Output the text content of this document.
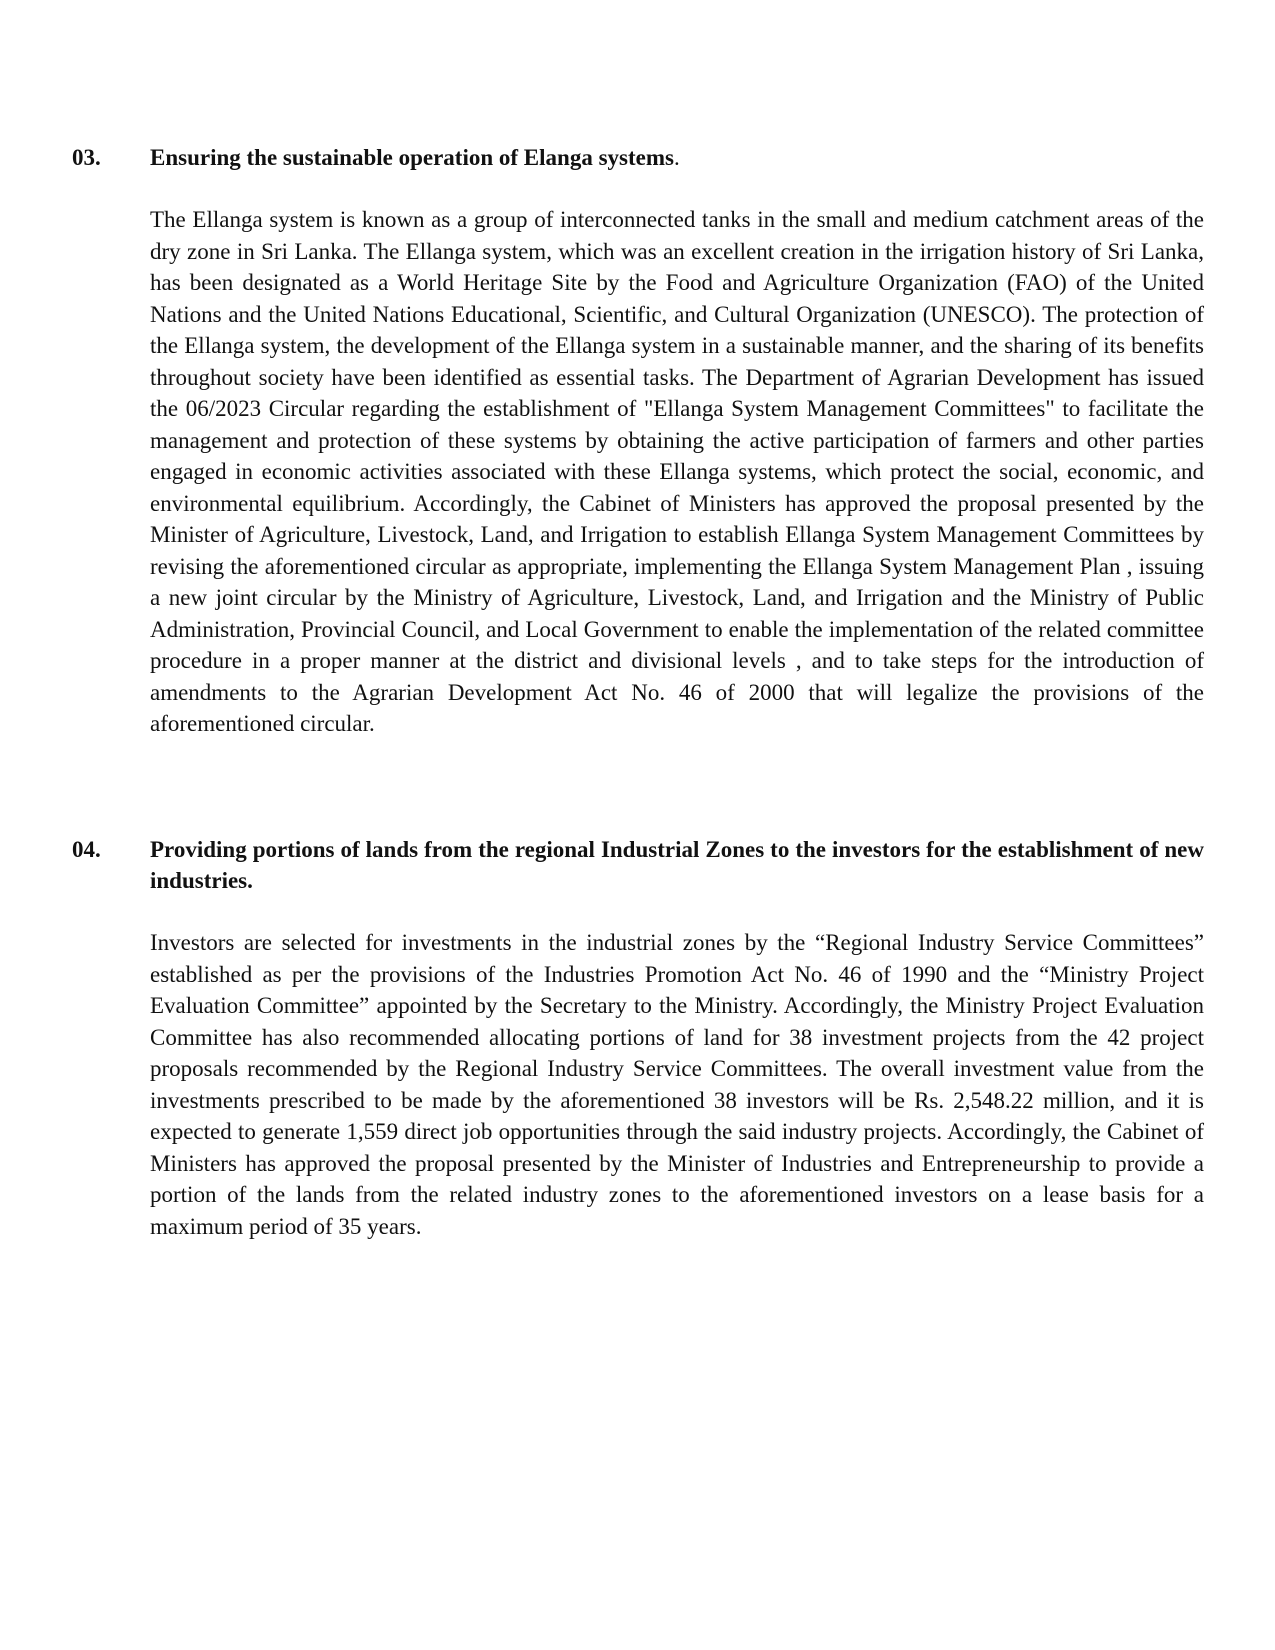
03.	Ensuring the sustainable operation of Elanga systems.
The Ellanga system is known as a group of interconnected tanks in the small and medium catchment areas of the dry zone in Sri Lanka. The Ellanga system, which was an excellent creation in the irrigation history of Sri Lanka, has been designated as a World Heritage Site by the Food and Agriculture Organization (FAO) of the United Nations and the United Nations Educational, Scientific, and Cultural Organization (UNESCO). The protection of the Ellanga system, the development of the Ellanga system in a sustainable manner, and the sharing of its benefits throughout society have been identified as essential tasks. The Department of Agrarian Development has issued the 06/2023 Circular regarding the establishment of "Ellanga System Management Committees" to facilitate the management and protection of these systems by obtaining the active participation of farmers and other parties engaged in economic activities associated with these Ellanga systems, which protect the social, economic, and environmental equilibrium. Accordingly, the Cabinet of Ministers has approved the proposal presented by the Minister of Agriculture, Livestock, Land, and Irrigation to establish Ellanga System Management Committees by revising the aforementioned circular as appropriate, implementing the Ellanga System Management Plan , issuing a new joint circular by the Ministry of Agriculture, Livestock, Land, and Irrigation and the Ministry of Public Administration, Provincial Council, and Local Government to enable the implementation of the related committee procedure in a proper manner at the district and divisional levels , and to take steps for the introduction of amendments to the Agrarian Development Act No. 46 of 2000 that will legalize the provisions of the aforementioned circular.
04.	Providing portions of lands from the regional Industrial Zones to the investors for the establishment of new industries.
Investors are selected for investments in the industrial zones by the “Regional Industry Service Committees” established as per the provisions of the Industries Promotion Act No. 46 of 1990 and the “Ministry Project Evaluation Committee” appointed by the Secretary to the Ministry. Accordingly, the Ministry Project Evaluation Committee has also recommended allocating portions of land for 38 investment projects from the 42 project proposals recommended by the Regional Industry Service Committees. The overall investment value from the investments prescribed to be made by the aforementioned 38 investors will be Rs. 2,548.22 million, and it is expected to generate 1,559 direct job opportunities through the said industry projects. Accordingly, the Cabinet of Ministers has approved the proposal presented by the Minister of Industries and Entrepreneurship to provide a portion of the lands from the related industry zones to the aforementioned investors on a lease basis for a maximum period of 35 years.
